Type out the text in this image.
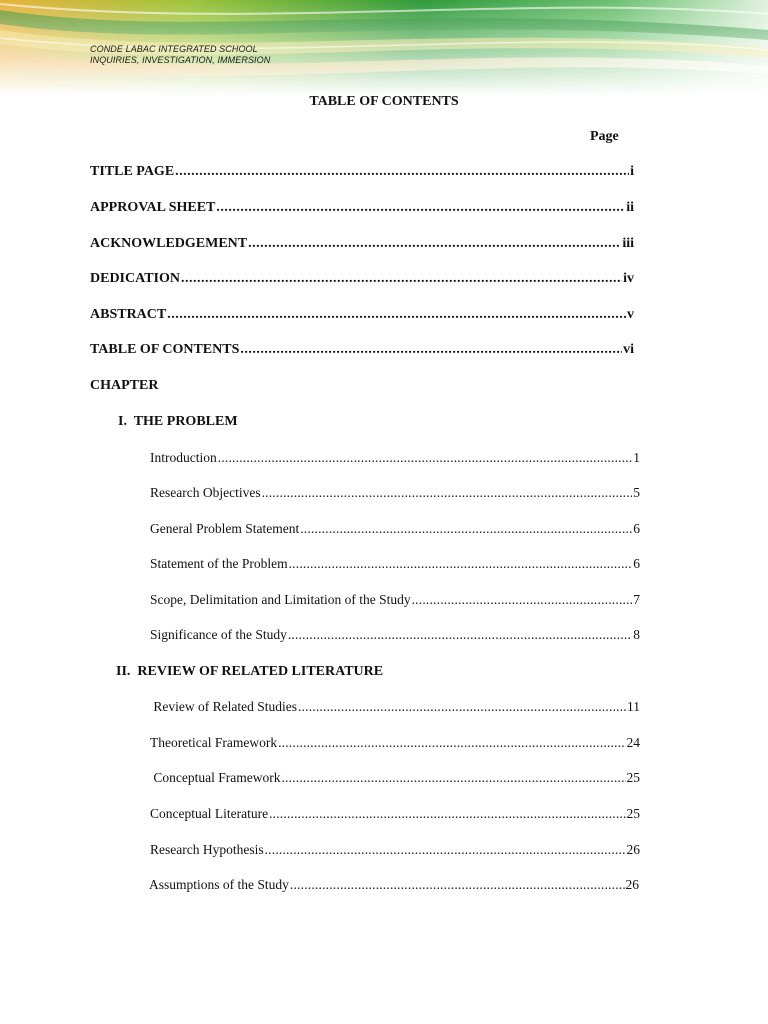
CONDE LABAC INTEGRATED SCHOOL
INQUIRIES, INVESTIGATION, IMMERSION
TABLE OF CONTENTS
Page
TITLE PAGE .....	i
APPROVAL SHEET .....	ii
ACKNOWLEDGEMENT .....	iii
DEDICATION .....	iv
ABSTRACT .....	v
TABLE OF CONTENTS .....	vi
CHAPTER
I.  THE PROBLEM
Introduction .....	1
Research Objectives .....	5
General Problem Statement .....	6
Statement of the Problem .....	6
Scope, Delimitation and Limitation of the Study .....	7
Significance of the Study .....	8
II.  REVIEW OF RELATED LITERATURE
Review of Related Studies .....	11
Theoretical Framework .....	24
Conceptual Framework .....	25
Conceptual Literature .....	25
Research Hypothesis .....	26
Assumptions of the Study .....	26
